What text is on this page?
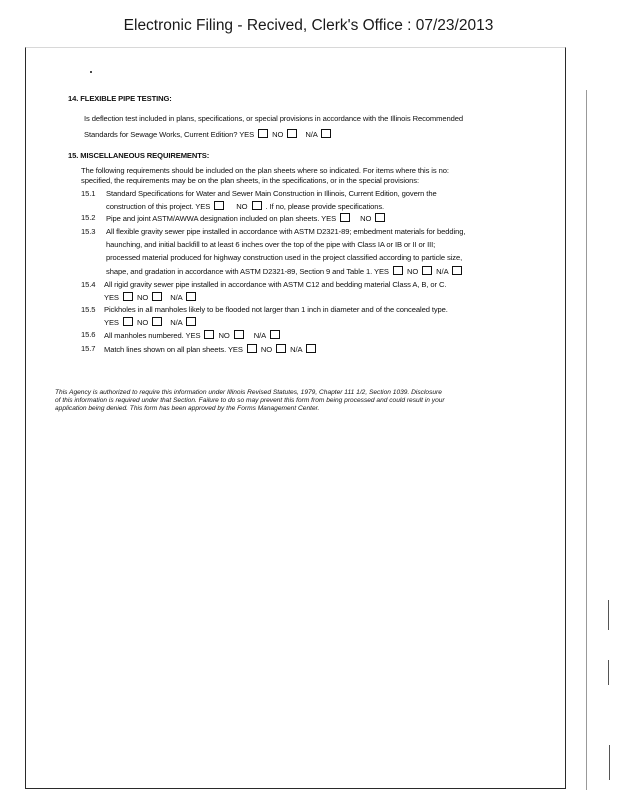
Electronic Filing - Recived, Clerk's Office : 07/23/2013
14. FLEXIBLE PIPE TESTING:
Is deflection test included in plans, specifications, or special provisions in accordance with the Illinois Recommended
Standards for Sewage Works, Current Edition? YES NO	N/A
15. MISCELLANEOUS REQUIREMENTS:
The following requirements should be included on the plan sheets where so indicated. For items where this is no:
specified, the requirements may be on the plan sheets, in the specifications, or in the special provisions:
15.1 Standard Specifications for Water and Sewer Main Construction in Illinois, Current Edition, govern the
construction of this project. YES	NO . If no, please provide specifications.
15.2 Pipe and joint ASTM/AWWA designation included on plan sheets. YES	NO
15.3 All flexible gravity sewer pipe installed in accordance with ASTM D2321-89; embedment materials for bedding,
haunching, and initial backfill to at least 6 inches over the top of the pipe with Class IA or IB or II or III;
processed material produced for highway construction used in the project classified according to particle size,
shape, and gradation in accordance with ASTM D2321-89, Section 9 and Table 1. YES NO N/A
15.4 All rigid gravity sewer pipe installed in accordance with ASTM C12 and bedding material Class A, B, or C.
YES NO	N/A
15.5 Pickholes in all manholes likely to be flooded not larger than 1 inch in diameter and of the concealed type.
YES NO	N/A
15.6 All manholes numbered. YES NO	N/A
15.7 Match lines shown on all plan sheets. YES NO N/A
This Agency is authorized to require this information under Illinois Revised Statutes, 1979, Chapter 111 1/2, Section 1039. Disclosure
of this information is required under that Section. Failure to do so may prevent this form from being processed and could result in your
application being denied. This form has been approved by the Forms Management Center.
